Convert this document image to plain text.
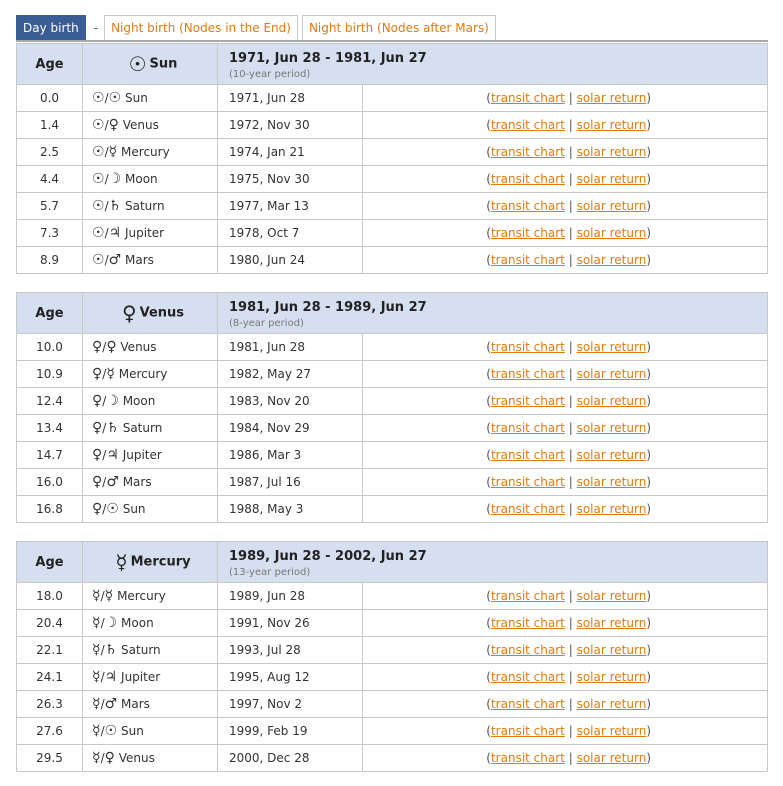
Day birth	-	Night birth (Nodes in the End)	Night birth (Nodes after Mars)
Age	☉ Sun	1971, Jun 28 - 1981, Jun 27
(10-year period)	

0.0	☉/☉ Sun	1971, Jun 28	(transit chart | solar return)
1.4	☉/♀ Venus	1972, Nov 30	(transit chart | solar return)
2.5	☉/☿ Mercury	1974, Jan 21	(transit chart | solar return)
4.4	☉/☽ Moon	1975, Nov 30	(transit chart | solar return)
5.7	☉/♄ Saturn	1977, Mar 13	(transit chart | solar return)
7.3	☉/♃ Jupiter	1978, Oct 7	(transit chart | solar return)
8.9	☉/♂ Mars	1980, Jun 24	(transit chart | solar return)
Age	♀ Venus	1981, Jun 28 - 1989, Jun 27
(8-year period)	

10.0	♀/♀ Venus	1981, Jun 28	(transit chart | solar return)
10.9	♀/☿ Mercury	1982, May 27	(transit chart | solar return)
12.4	♀/☽ Moon	1983, Nov 20	(transit chart | solar return)
13.4	♀/♄ Saturn	1984, Nov 29	(transit chart | solar return)
14.7	♀/♃ Jupiter	1986, Mar 3	(transit chart | solar return)
16.0	♀/♂ Mars	1987, Jul 16	(transit chart | solar return)
16.8	♀/☉ Sun	1988, May 3	(transit chart | solar return)
Age	☿ Mercury	1989, Jun 28 - 2002, Jun 27
(13-year period)	

18.0	☿/☿ Mercury	1989, Jun 28	(transit chart | solar return)
20.4	☿/☽ Moon	1991, Nov 26	(transit chart | solar return)
22.1	☿/♄ Saturn	1993, Jul 28	(transit chart | solar return)
24.1	☿/♃ Jupiter	1995, Aug 12	(transit chart | solar return)
26.3	☿/♂ Mars	1997, Nov 2	(transit chart | solar return)
27.6	☿/☉ Sun	1999, Feb 19	(transit chart | solar return)
29.5	☿/♀ Venus	2000, Dec 28	(transit chart | solar return)
